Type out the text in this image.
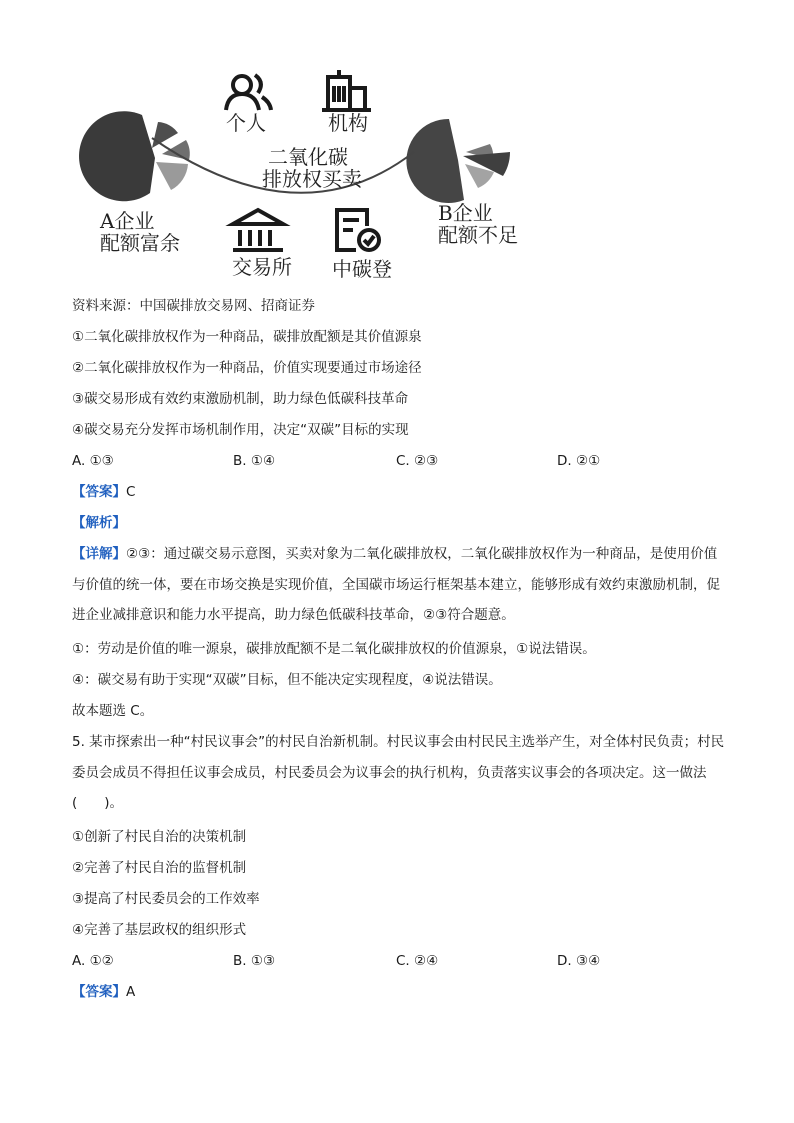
个人	机构
二氧化碳
排放权买卖
A企业
配额富余
B企业
配额不足
交易所 中碳登
资料来源：中国碳排放交易网、招商证券
①二氧化碳排放权作为一种商品，碳排放配额是其价值源泉
②二氧化碳排放权作为一种商品，价值实现要通过市场途径
③碳交易形成有效约束激励机制，助力绿色低碳科技革命
④碳交易充分发挥市场机制作用，决定“双碳”目标的实现
A. ①③	B. ①④	C. ②③	D. ②①
【答案】C
【解析】
【详解】②③：通过碳交易示意图，买卖对象为二氧化碳排放权，二氧化碳排放权作为一种商品，是使用价值与价值的统一体，要在市场交换是实现价值，全国碳市场运行框架基本建立，能够形成有效约束激励机制，促进企业减排意识和能力水平提高，助力绿色低碳科技革命，②③符合题意。
①：劳动是价值的唯一源泉，碳排放配额不是二氧化碳排放权的价值源泉，①说法错误。
④：碳交易有助于实现“双碳”目标，但不能决定实现程度，④说法错误。
故本题选 C。
5. 某市探索出一种“村民议事会”的村民自治新机制。村民议事会由村民民主选举产生，对全体村民负责；村民委员会成员不得担任议事会成员，村民委员会为议事会的执行机构，负责落实议事会的各项决定。这一做法(　　)。
①创新了村民自治的决策机制
②完善了村民自治的监督机制
③提高了村民委员会的工作效率
④完善了基层政权的组织形式
A. ①②	B. ①③	C. ②④	D. ③④
【答案】A
